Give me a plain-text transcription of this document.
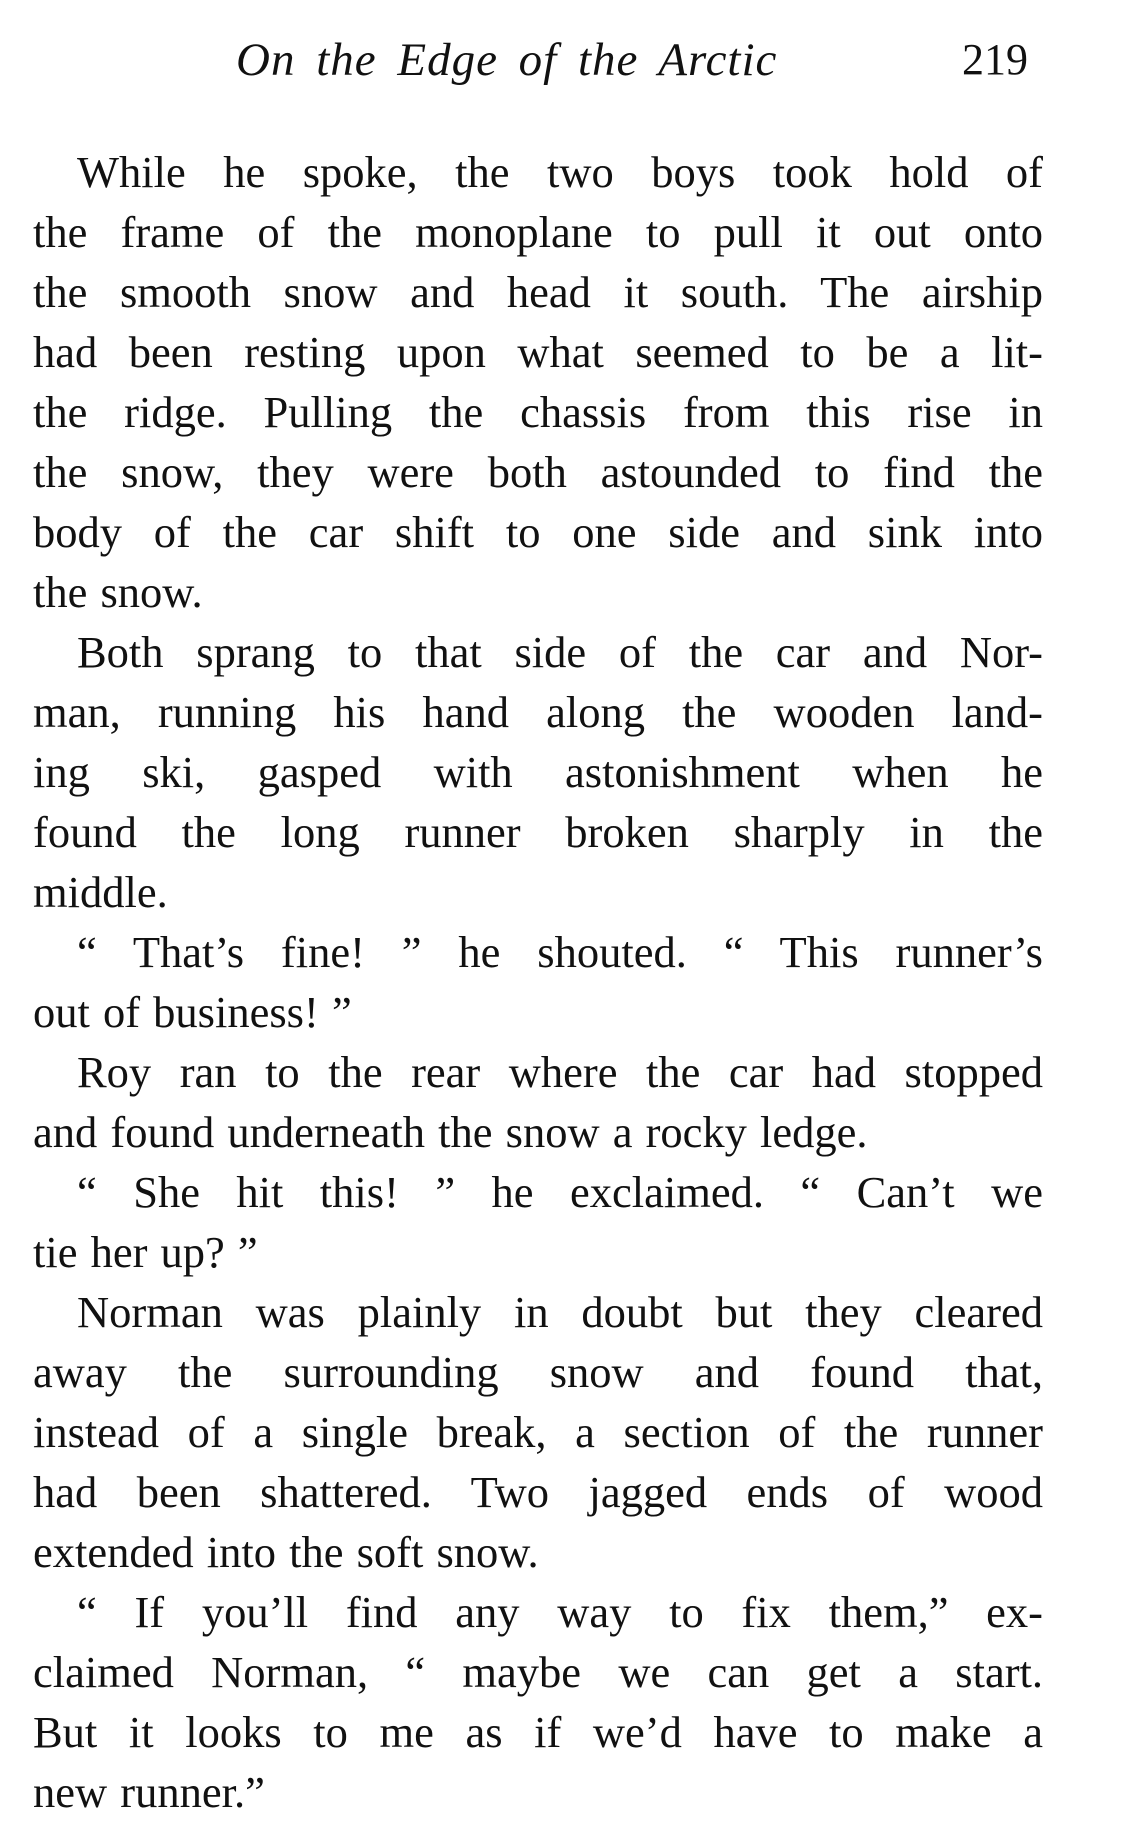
On the Edge of the Arctic	219
While he spoke, the two boys took hold of
the frame of the monoplane to pull it out onto
the smooth snow and head it south. The airship
had been resting upon what seemed to be a lit-
the ridge. Pulling the chassis from this rise in
the snow, they were both astounded to find the
body of the car shift to one side and sink into
the snow.
Both sprang to that side of the car and Nor-
man, running his hand along the wooden land-
ing ski, gasped with astonishment when he
found the long runner broken sharply in the
middle.
“ That’s fine! ” he shouted. “ This runner’s
out of business! ”
Roy ran to the rear where the car had stopped
and found underneath the snow a rocky ledge.
“ She hit this! ” he exclaimed. “ Can’t we
tie her up? ”
Norman was plainly in doubt but they cleared
away the surrounding snow and found that,
instead of a single break, a section of the runner
had been shattered. Two jagged ends of wood
extended into the soft snow.
“ If you’ll find any way to fix them,” ex-
claimed Norman, “ maybe we can get a start.
But it looks to me as if we’d have to make a
new runner.”
